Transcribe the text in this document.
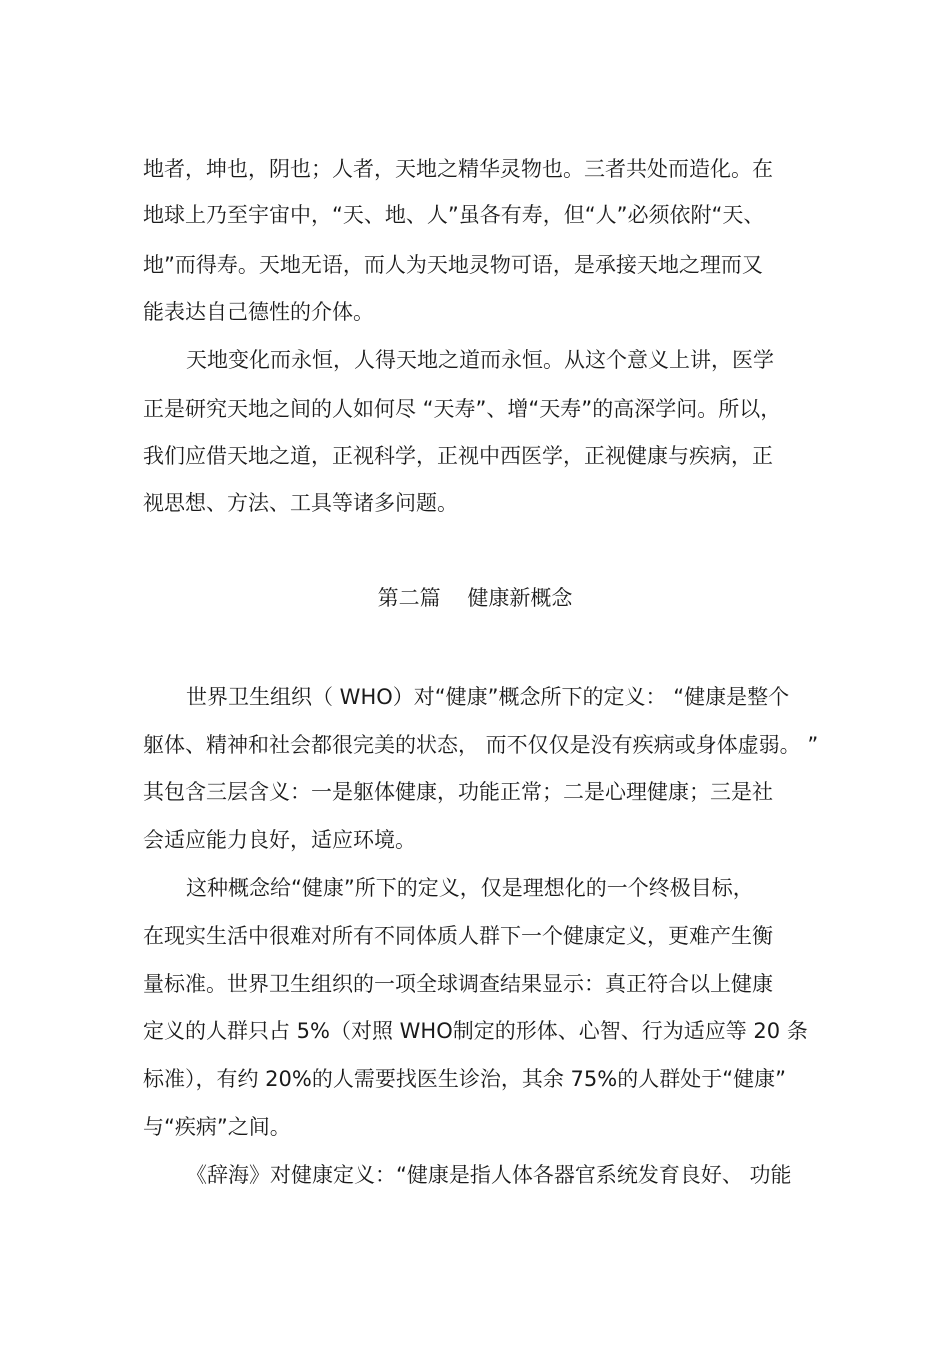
地者，坤也，阴也；人者，天地之精华灵物也。三者共处而造化。在
地球上乃至宇宙中，“天、地、人”虽各有寿，但“人”必须依附“天、
地”而得寿。天地无语，而人为天地灵物可语，是承接天地之理而又
能表达自己德性的介体。
天地变化而永恒，人得天地之道而永恒。从这个意义上讲，医学
正是研究天地之间的人如何尽 “天寿”、增“天寿”的高深学问。所以，
我们应借天地之道，正视科学，正视中西医学，正视健康与疾病，正
视思想、方法、工具等诸多问题。
第二篇    健康新概念
世界卫生组织（ WHO）对“健康”概念所下的定义： “健康是整个
躯体、精神和社会都很完美的状态， 而不仅仅是没有疾病或身体虚弱。 ”
其包含三层含义：一是躯体健康，功能正常；二是心理健康；三是社
会适应能力良好，适应环境。
这种概念给“健康”所下的定义，仅是理想化的一个终极目标，
在现实生活中很难对所有不同体质人群下一个健康定义，更难产生衡
量标准。世界卫生组织的一项全球调查结果显示：真正符合以上健康
定义的人群只占 5%（对照 WHO制定的形体、心智、行为适应等 20 条
标准），有约 20%的人需要找医生诊治，其余 75%的人群处于“健康”
与“疾病”之间。
《辞海》对健康定义：“健康是指人体各器官系统发育良好、 功能
